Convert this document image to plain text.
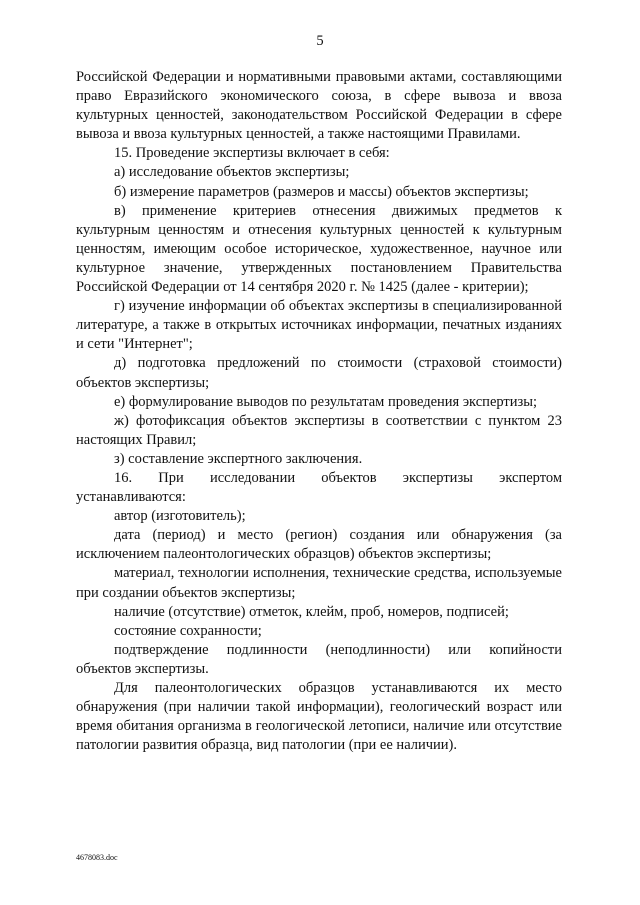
5

Российской Федерации и нормативными правовыми актами, составляющими право Евразийского экономического союза, в сфере вывоза и ввоза культурных ценностей, законодательством Российской Федерации в сфере вывоза и ввоза культурных ценностей, а также настоящими Правилами.

15. Проведение экспертизы включает в себя:

а) исследование объектов экспертизы;

б) измерение параметров (размеров и массы) объектов экспертизы;

в) применение критериев отнесения движимых предметов к культурным ценностям и отнесения культурных ценностей к культурным ценностям, имеющим особое историческое, художественное, научное или культурное значение, утвержденных постановлением Правительства Российской Федерации от 14 сентября 2020 г. № 1425 (далее - критерии);

г) изучение информации об объектах экспертизы в специализированной литературе, а также в открытых источниках информации, печатных изданиях и сети "Интернет";

д) подготовка предложений по стоимости (страховой стоимости) объектов экспертизы;

е) формулирование выводов по результатам проведения экспертизы;

ж) фотофиксация объектов экспертизы в соответствии с пунктом 23 настоящих Правил;

з) составление экспертного заключения.

16. При исследовании объектов экспертизы экспертом устанавливаются:

автор (изготовитель);

дата (период) и место (регион) создания или обнаружения (за исключением палеонтологических образцов) объектов экспертизы;

материал, технологии исполнения, технические средства, используемые при создании объектов экспертизы;

наличие (отсутствие) отметок, клейм, проб, номеров, подписей;

состояние сохранности;

подтверждение подлинности (неподлинности) или копийности объектов экспертизы.

Для палеонтологических образцов устанавливаются их место обнаружения (при наличии такой информации), геологический возраст или время обитания организма в геологической летописи, наличие или отсутствие патологии развития образца, вид патологии (при ее наличии).

4678083.doc
